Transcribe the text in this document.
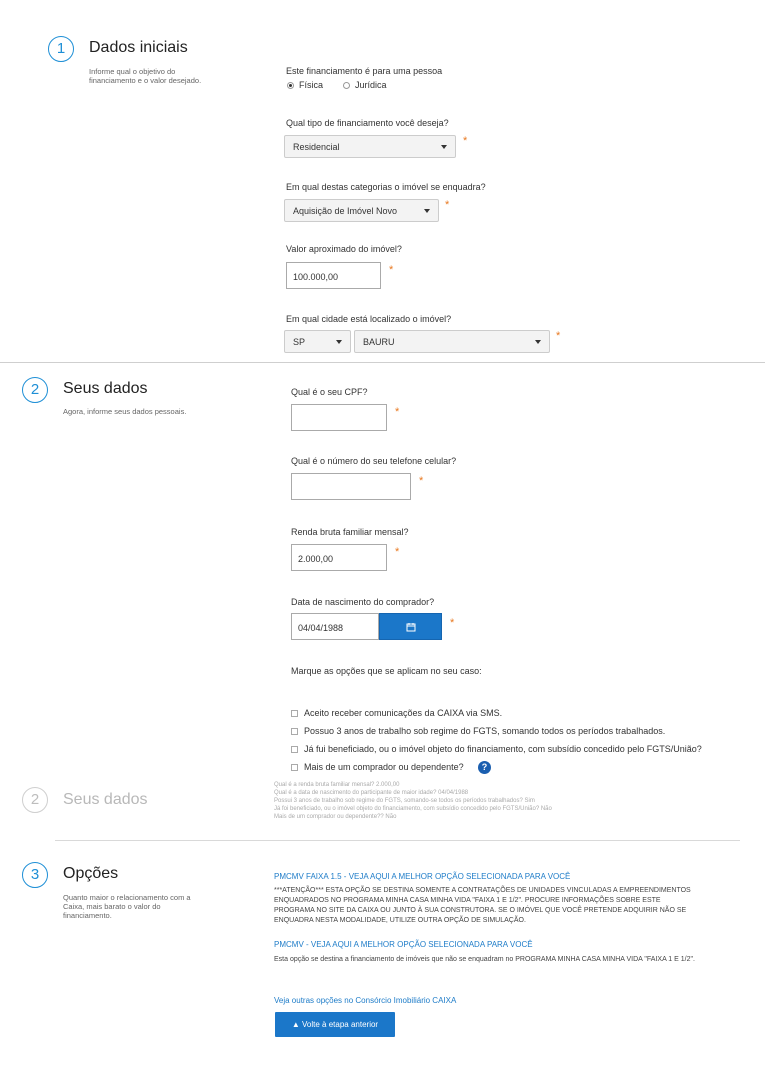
1	Dados iniciais
Informe qual o objetivo do
financiamento e o valor desejado.
Este financiamento é para uma pessoa
Física	Jurídica
Qual tipo de financiamento você deseja?
Residencial	*
Em qual destas categorias o imóvel se enquadra?
Aquisição de Imóvel Novo	*
Valor aproximado do imóvel?
100.000,00
*
Em qual cidade está localizado o imóvel?
SP	BAURU	*
2	Seus dados
Agora, informe seus dados pessoais.
Qual é o seu CPF?
*
Qual é o número do seu telefone celular?
*
Renda bruta familiar mensal?
2.000,00
*
Data de nascimento do comprador?
04/04/1988	*
Marque as opções que se aplicam no seu caso:
Aceito receber comunicações da CAIXA via SMS.
Possuo 3 anos de trabalho sob regime do FGTS, somando todos os períodos trabalhados.
Já fui beneficiado, ou o imóvel objeto do financiamento, com subsídio concedido pelo FGTS/União?
Mais de um comprador ou dependente?	?
2	Seus dados
Qual é a renda bruta familiar mensal? 2.000,00
Qual é a data de nascimento do participante de maior idade? 04/04/1988
Possui 3 anos de trabalho sob regime do FGTS, somando-se todos os períodos trabalhados? Sim
Já foi beneficiado, ou o imóvel objeto do financiamento, com subsídio concedido pelo FGTS/União? Não
Mais de um comprador ou dependente?? Não
3	Opções
Quanto maior o relacionamento com a
Caixa, mais barato o valor do
financiamento.
PMCMV FAIXA 1.5 - VEJA AQUI A MELHOR OPÇÃO SELECIONADA PARA VOCÊ
***ATENÇÃO*** ESTA OPÇÃO SE DESTINA SOMENTE A CONTRATAÇÕES DE UNIDADES VINCULADAS A EMPREENDIMENTOS
ENQUADRADOS NO PROGRAMA MINHA CASA MINHA VIDA "FAIXA 1 E 1/2". PROCURE INFORMAÇÕES SOBRE ESTE
PROGRAMA NO SITE DA CAIXA OU JUNTO À SUA CONSTRUTORA. SE O IMÓVEL QUE VOCÊ PRETENDE ADQUIRIR NÃO SE
ENQUADRA NESTA MODALIDADE, UTILIZE OUTRA OPÇÃO DE SIMULAÇÃO.
PMCMV - VEJA AQUI A MELHOR OPÇÃO SELECIONADA PARA VOCÊ
Esta opção se destina a financiamento de imóveis que não se enquadram no PROGRAMA MINHA CASA MINHA VIDA "FAIXA 1 E 1/2".
Veja outras opções no Consórcio Imobiliário CAIXA
▲ Volte à etapa anterior
